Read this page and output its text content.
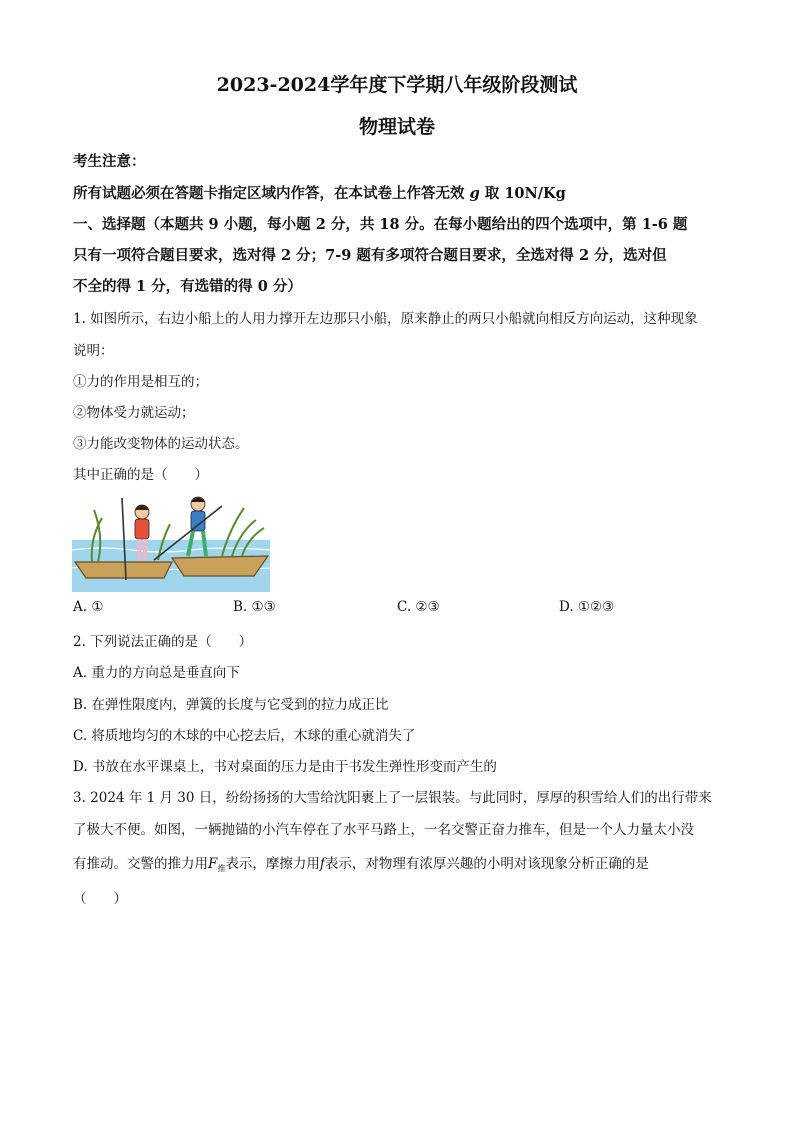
2023-2024学年度下学期八年级阶段测试
物理试卷
考生注意：
所有试题必须在答题卡指定区域内作答，在本试卷上作答无效 g 取 10N/Kg
一、选择题（本题共 9 小题，每小题 2 分，共 18 分。在每小题给出的四个选项中，第 1-6 题
只有一项符合题目要求，选对得 2 分；7-9 题有多项符合题目要求，全选对得 2 分，选对但
不全的得 1 分，有选错的得 0 分）
1. 如图所示，右边小船上的人用力撑开左边那只小船，原来静止的两只小船就向相反方向运动，这种现象
说明：
①力的作用是相互的；
②物体受力就运动；
③力能改变物体的运动状态。
其中正确的是（　　）
A. ①	B. ①③	C. ②③	D. ①②③
2. 下列说法正确的是（　　）
A. 重力的方向总是垂直向下
B. 在弹性限度内，弹簧的长度与它受到的拉力成正比
C. 将质地均匀的木球的中心挖去后，木球的重心就消失了
D. 书放在水平课桌上，书对桌面的压力是由于书发生弹性形变而产生的
3. 2024 年 1 月 30 日，纷纷扬扬的大雪给沈阳裹上了一层银装。与此同时，厚厚的积雪给人们的出行带来
了极大不便。如图，一辆抛锚的小汽车停在了水平马路上，一名交警正奋力推车，但是一个人力量太小没
有推动。交警的推力用$F_推$表示，摩擦力用f表示，对物理有浓厚兴趣的小明对该现象分析正确的是
（　　）
